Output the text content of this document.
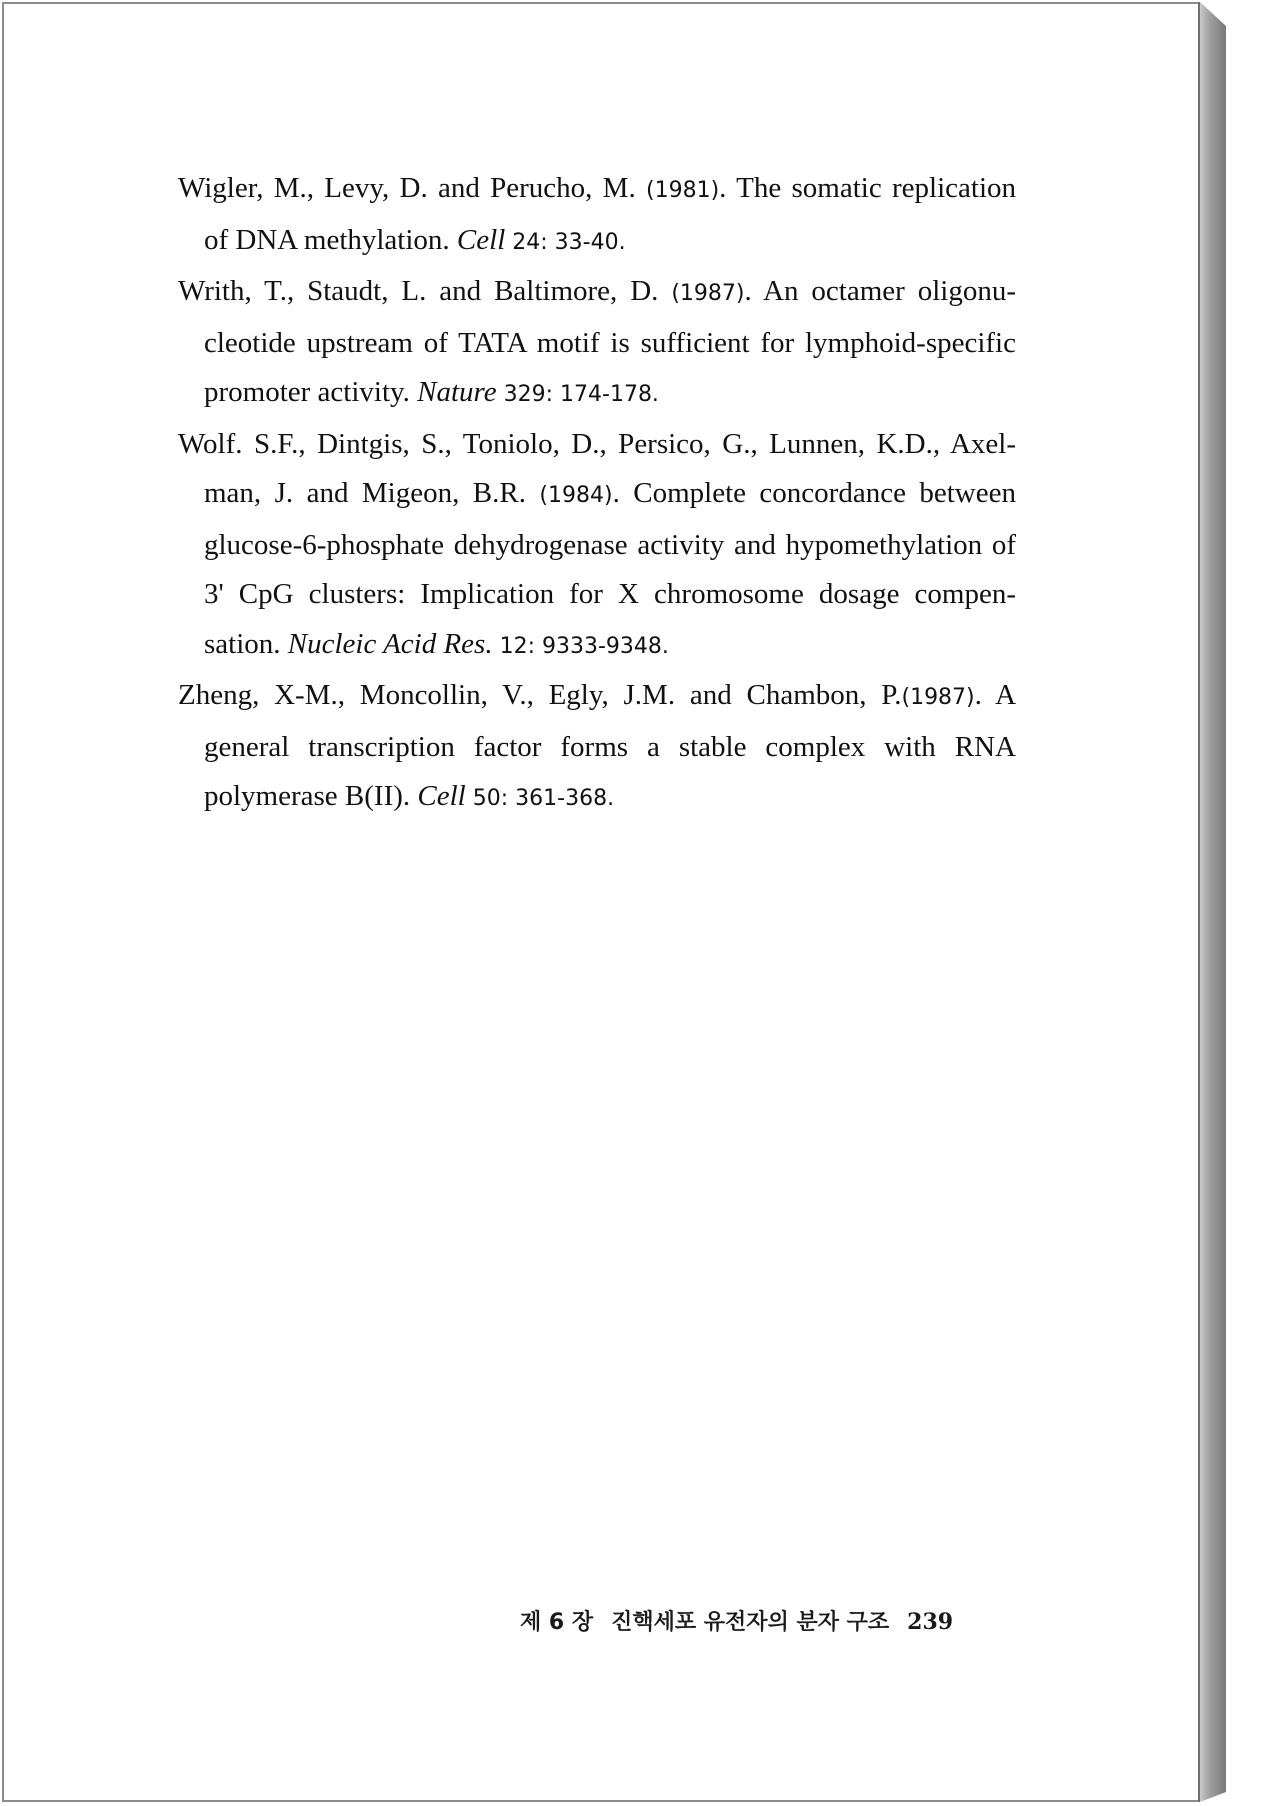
Wigler, M., Levy, D. and Perucho, M. (1981). The somatic replication of DNA methylation. Cell 24: 33-40.

Writh, T., Staudt, L. and Baltimore, D. (1987). An octamer oligonucleotide upstream of TATA motif is sufficient for lymphoid-specific promoter activity. Nature 329: 174-178.

Wolf. S.F., Dintgis, S., Toniolo, D., Persico, G., Lunnen, K.D., Axelman, J. and Migeon, B.R. (1984). Complete concordance between glucose-6-phosphate dehydrogenase activity and hypomethylation of 3' CpG clusters: Implication for X chromosome dosage compensation. Nucleic Acid Res. 12: 9333-9348.

Zheng, X-M., Moncollin, V., Egly, J.M. and Chambon, P.(1987). A general transcription factor forms a stable complex with RNA polymerase B(II). Cell 50: 361-368.

제 6 장 진핵세포 유전자의 분자 구조 239
